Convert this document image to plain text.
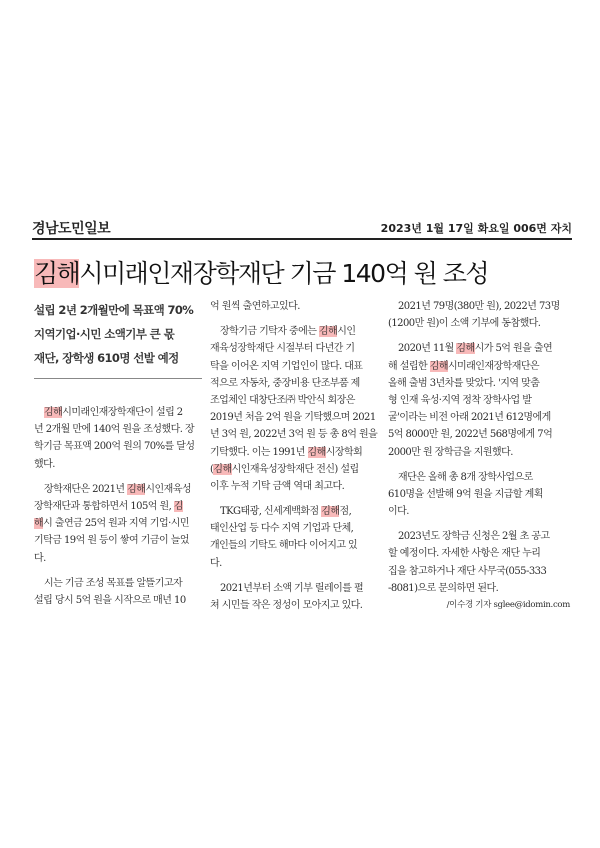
경남도민일보	2023년 1월 17일 화요일 006면 자치
김해시미래인재장학재단 기금 140억 원 조성
설립 2년 2개월만에 목표액 70%
지역기업·시민 소액기부 큰 몫
재단, 장학생 610명 선발 예정

김해시미래인재장학재단이 설립 2
년 2개월 만에 140억 원을 조성했다. 장
학기금 목표액 200억 원의 70%를 달성
했다.

장학재단은 2021년 김해시인재육성
장학재단과 통합하면서 105억 원, 김
해시 출연금 25억 원과 지역 기업·시민
기탁금 19억 원 등이 쌓여 기금이 늘었
다.

시는 기금 조성 목표를 알뜰기고자
설립 당시 5억 원을 시작으로 매년 10

억 원씩 출연하고있다.

장학기금 기탁자 중에는 김해시인
재육성장학재단 시절부터 다년간 기
탁을 이어온 지역 기업인이 많다. 대표
적으로 자동차, 중장비용 단조부품 제
조업체인 대창단조㈜ 박안식 회장은
2019년 처음 2억 원을 기탁했으며 2021
년 3억 원, 2022년 3억 원 등 총 8억 원을
기탁했다. 이는 1991년 김해시장학회
(김해시인재육성장학재단 전신) 설립
이후 누적 기탁 금액 역대 최고다.

TKG태광, 신세계백화점 김해점,
태인산업 등 다수 지역 기업과 단체,
개인들의 기탁도 해마다 이어지고 있
다.

2021년부터 소액 기부 릴레이를 펼
쳐 시민들 작은 정성이 모아지고 있다.

2021년 79명(380만 원), 2022년 73명
(1200만 원)이 소액 기부에 동참했다.

2020년 11월 김해시가 5억 원을 출연
해 설립한 김해시미래인재장학재단은
올해 출범 3년차를 맞았다. '지역 맞춤
형 인재 육성·지역 정착 장학사업 발
굴'이라는 비전 아래 2021년 612명에게
5억 8000만 원, 2022년 568명에게 7억
2000만 원 장학금을 지원했다.

재단은 올해 총 8개 장학사업으로
610명을 선발해 9억 원을 지급할 계획
이다.

2023년도 장학금 신청은 2월 초 공고
할 예정이다. 자세한 사항은 재단 누리
집을 참고하거나 재단 사무국(055-333
-8081)으로 문의하면 된다.

/이수경 기자 sglee@idomin.com
